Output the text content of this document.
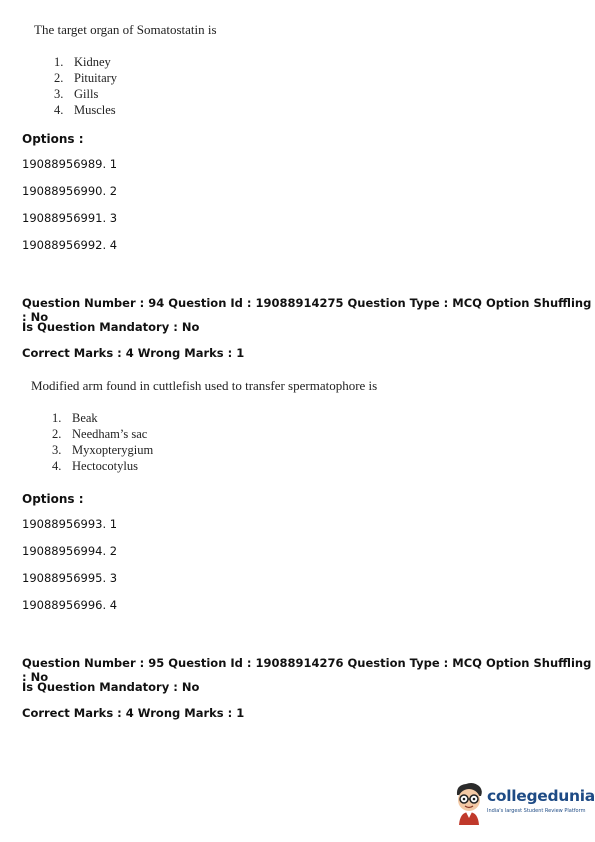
The target organ of Somatostatin is
1. Kidney
2. Pituitary
3. Gills
4. Muscles
Options :
19088956989. 1
19088956990. 2
19088956991. 3
19088956992. 4
Question Number : 94 Question Id : 19088914275 Question Type : MCQ Option Shuffling : No
Is Question Mandatory : No
Correct Marks : 4 Wrong Marks : 1
Modified arm found in cuttlefish used to transfer spermatophore is
1. Beak
2. Needham’s sac
3. Myxopterygium
4. Hectocotylus
Options :
19088956993. 1
19088956994. 2
19088956995. 3
19088956996. 4
Question Number : 95 Question Id : 19088914276 Question Type : MCQ Option Shuffling : No
Is Question Mandatory : No
Correct Marks : 4 Wrong Marks : 1
collegedunia
India's largest Student Review Platform
